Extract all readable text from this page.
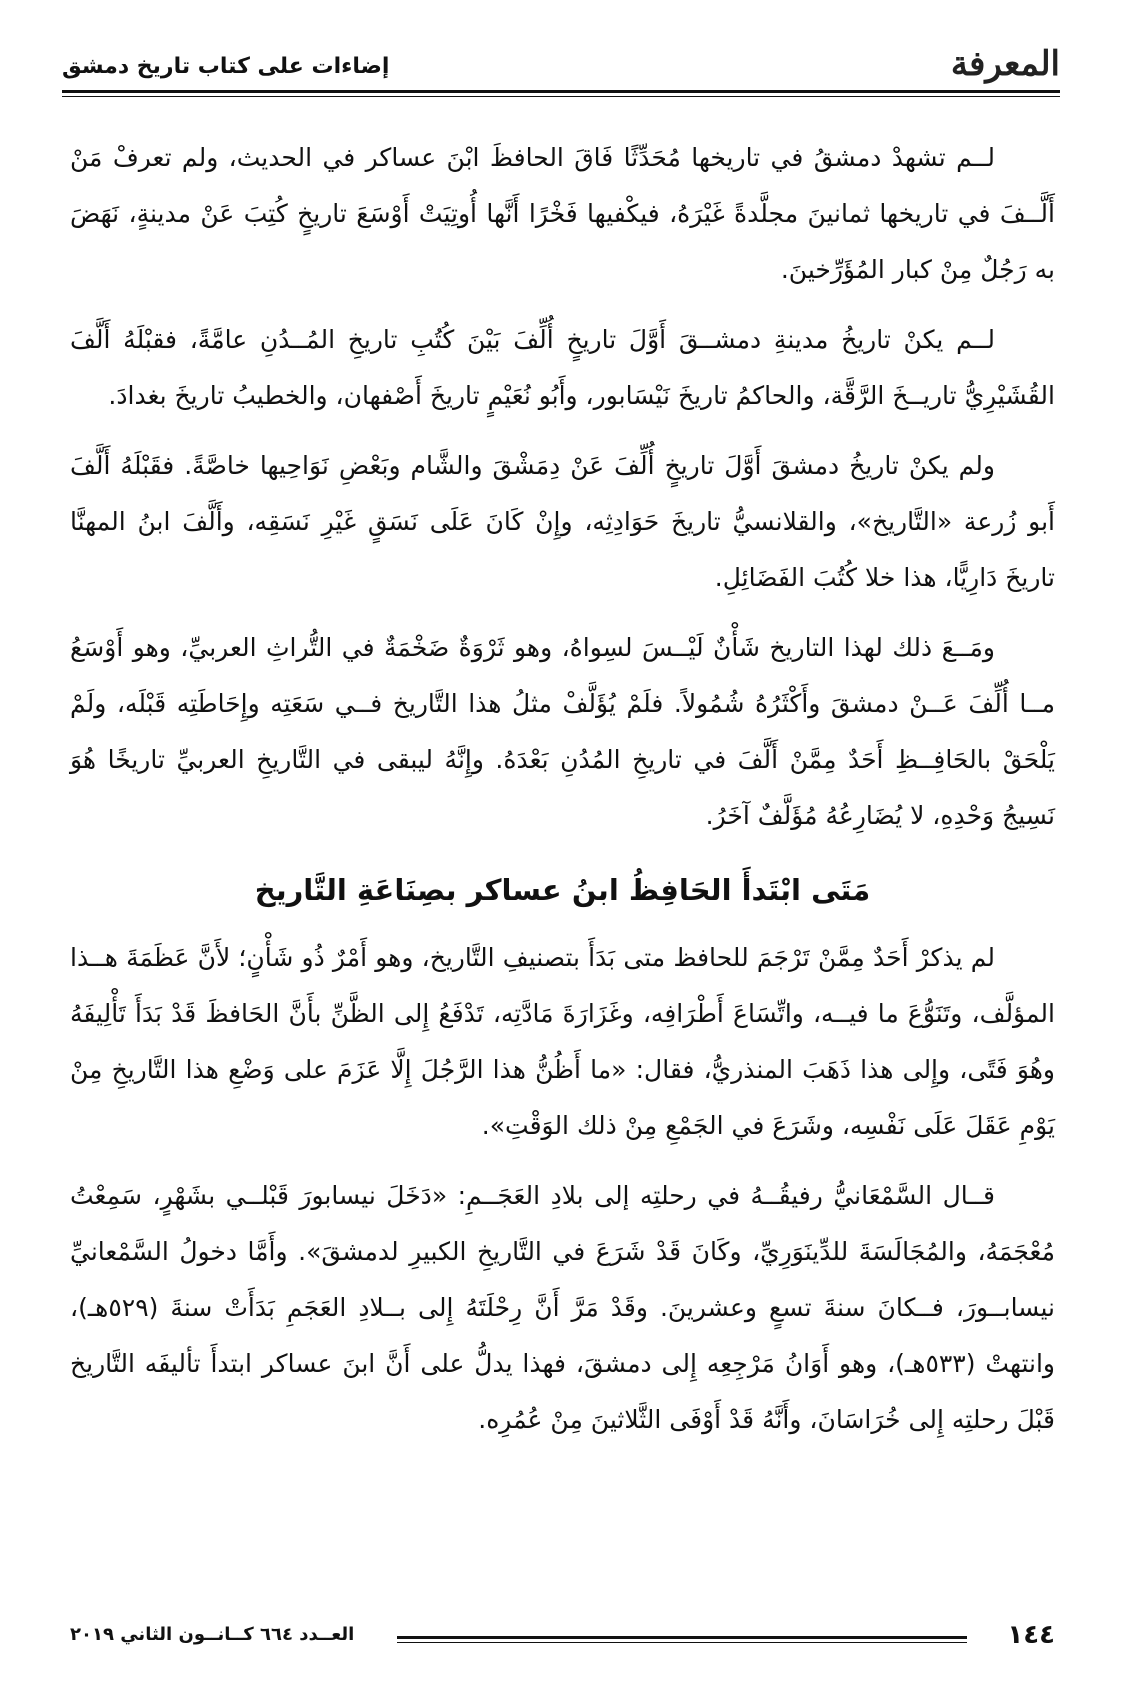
المعرفة
إضاءات على كتاب تاريخ دمشق

لــم تشهدْ دمشقُ في تاريخها مُحَدِّثًا فَاقَ الحافظَ ابْنَ عساكر في الحديث، ولم تعرفْ مَنْ أَلَّــفَ في تاريخها ثمانينَ مجلَّدةً غَيْرَهُ، فيكْفيها فَخْرًا أَنَّها أُوتِيَتْ أَوْسَعَ تاريخٍ كُتِبَ عَنْ مدينةٍ، نَهَضَ به رَجُلٌ مِنْ كبار المُؤَرِّخينَ.

لــم يكنْ تاريخُ مدينةِ دمشــقَ أَوَّلَ تاريخٍ أُلِّفَ بَيْنَ كُتُبِ تاريخِ المُــدُنِ عامَّةً، فقبْلَهُ أَلَّفَ القُشَيْرِيُّ تاريــخَ الرَّقَّة، والحاكمُ تاريخَ نَيْسَابور، وأَبُو نُعَيْمٍ تاريخَ أَصْفهان، والخطيبُ تاريخَ بغدادَ.

ولم يكنْ تاريخُ دمشقَ أَوَّلَ تاريخٍ أُلِّفَ عَنْ دِمَشْقَ والشَّام وبَعْضِ نَوَاحِيها خاصَّةً. فقَبْلَهُ أَلَّفَ أَبو زُرعة «التَّاريخ»، والقلانسيُّ تاريخَ حَوَادِثِه، وإِنْ كَانَ عَلَى نَسَقٍ غَيْرِ نَسَقِه، وأَلَّفَ ابنُ المهنَّا تاريخَ دَارِيًّا، هذا خلا كُتُبَ الفَضَائِلِ.

ومَــعَ ذلك لهذا التاريخ شَأْنٌ لَيْــسَ لسِواهُ، وهو ثَرْوَةٌ ضَخْمَةٌ في التُّراثِ العربيِّ، وهو أَوْسَعُ مــا أُلِّفَ عَــنْ دمشقَ وأَكْثَرُهُ شُمُولاً. فلَمْ يُؤَلَّفْ مثلُ هذا التَّاريخ فــي سَعَتِه وإِحَاطَتِه قَبْلَه، ولَمْ يَلْحَقْ بالحَافِــظِ أَحَدٌ مِمَّنْ أَلَّفَ في تاريخِ المُدُنِ بَعْدَهُ. وإِنَّهُ ليبقى في التَّاريخِ العربيِّ تاريخًا هُوَ نَسِيجُ وَحْدِهِ، لا يُضَارِعُهُ مُؤَلَّفٌ آخَرُ.

مَتَى ابْتَدأَ الحَافِظُ ابنُ عساكر بصِنَاعَةِ التَّاريخ

لم يذكرْ أَحَدٌ مِمَّنْ تَرْجَمَ للحافظ متى بَدَأَ بتصنيفِ التَّاريخ، وهو أَمْرٌ ذُو شَأْنٍ؛ لأَنَّ عَظَمَةَ هــذا المؤلَّف، وتَنَوُّعَ ما فيــه، واتِّسَاعَ أَطْرَافِه، وغَزَارَةَ مَادَّتِه، تَدْفَعُ إِلى الظَّنِّ بأَنَّ الحَافظَ قَدْ بَدَأَ تَأْلِيفَهُ وهُوَ فَتًى، وإِلى هذا ذَهَبَ المنذريُّ، فقال: «ما أَظُنُّ هذا الرَّجُلَ إِلَّا عَزَمَ على وَضْعِ هذا التَّاريخِ مِنْ يَوْمِ عَقَلَ عَلَى نَفْسِه، وشَرَعَ في الجَمْعِ مِنْ ذلك الوَقْتِ».

قــال السَّمْعَانيُّ رفيقُــهُ في رحلتِه إلى بلادِ العَجَــمِ: «دَخَلَ نيسابورَ قَبْلــي بشَهْرٍ، سَمِعْتُ مُعْجَمَهُ، والمُجَالَسَةَ للدِّينَوَرِيِّ، وكَانَ قَدْ شَرَعَ في التَّاريخِ الكبيرِ لدمشقَ». وأَمَّا دخولُ السَّمْعانيِّ نيسابــورَ، فــكانَ سنةَ تسعٍ وعشرينَ. وقَدْ مَرَّ أَنَّ رِحْلَتَهُ إِلى بــلادِ العَجَمِ بَدَأَتْ سنةَ (٥٢٩هـ)، وانتهتْ (٥٣٣هـ)، وهو أَوَانُ مَرْجِعِه إِلى دمشقَ، فهذا يدلُّ على أَنَّ ابنَ عساكر ابتدأَ تأليفَه التَّاريخ قَبْلَ رحلتِه إِلى خُرَاسَانَ، وأَنَّهُ قَدْ أَوْفَى الثَّلاثينَ مِنْ عُمُرِه.

١٤٤
العــدد ٦٦٤ كــانــون الثاني ٢٠١٩
